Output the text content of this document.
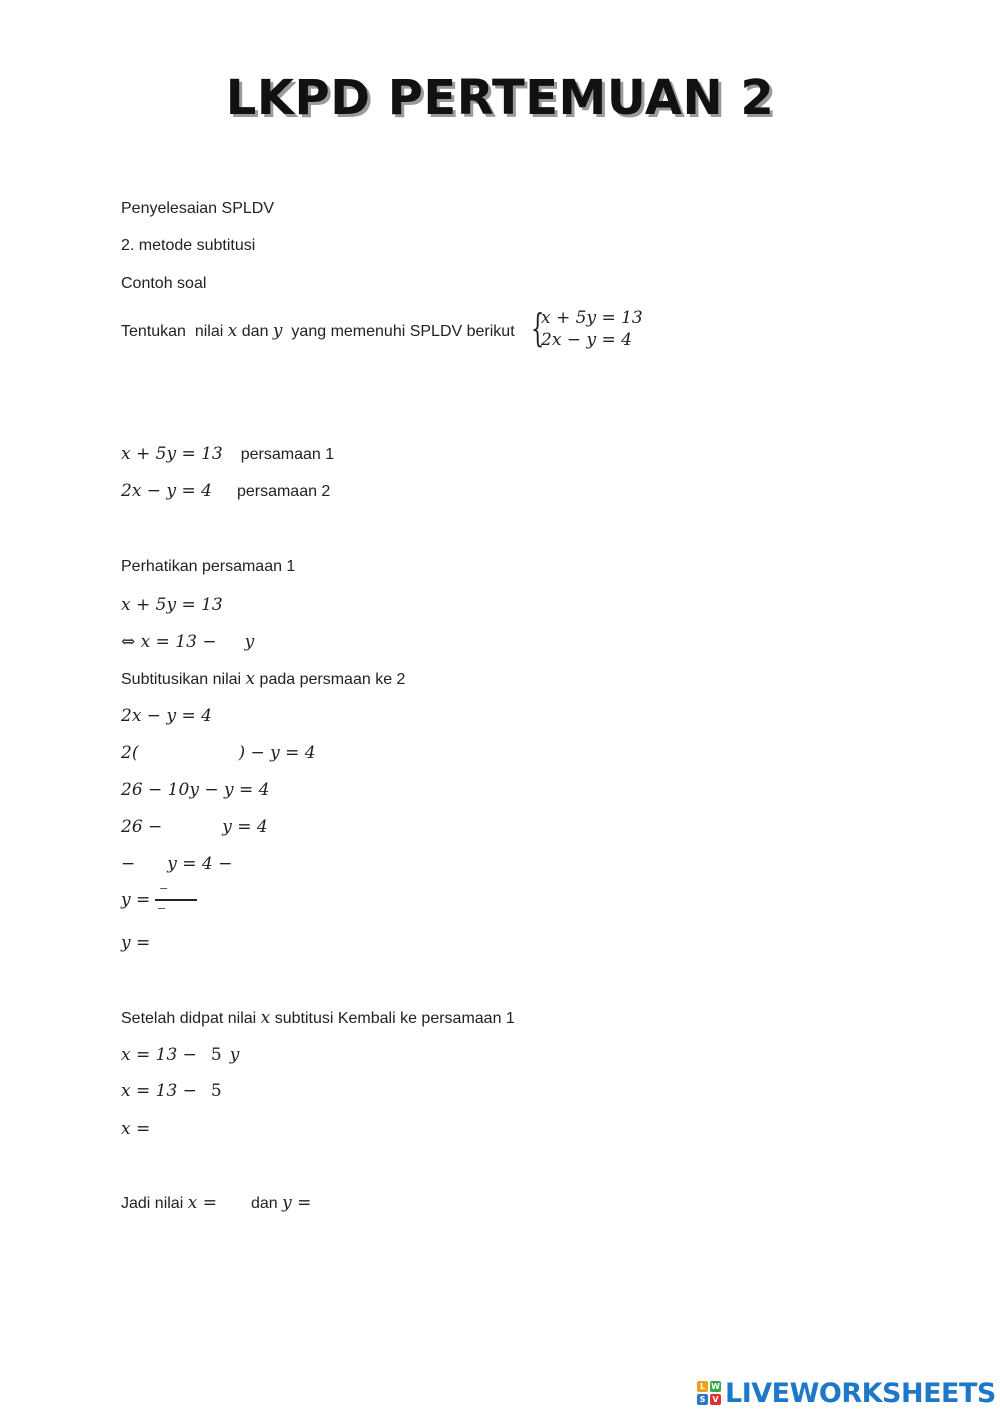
LKPD PERTEMUAN 2
Penyelesaian SPLDV
2. metode subtitusi
Contoh soal
Tentukan  nilai x dan y  yang memenuhi SPLDV berikut {
x + 5y = 13
2x − y = 4
x + 5y = 13 persamaan 1
2x − y = 4 persamaan 2
Perhatikan persamaan 1
x + 5y = 13
⇔ x = 13 − y
Subtitusikan nilai x pada persmaan ke 2
2x − y = 4
2(	) − y = 4
26 − 10y − y = 4
26 −	y = 4
− y = 4 −
y =
−
−
y =
Setelah didpat nilai x subtitusi Kembali ke persamaan 1
x = 13 − 5 y
x = 13 − 5
x =
Jadi nilai x = dan y =
L W
S V LIVEWORKSHEETS
